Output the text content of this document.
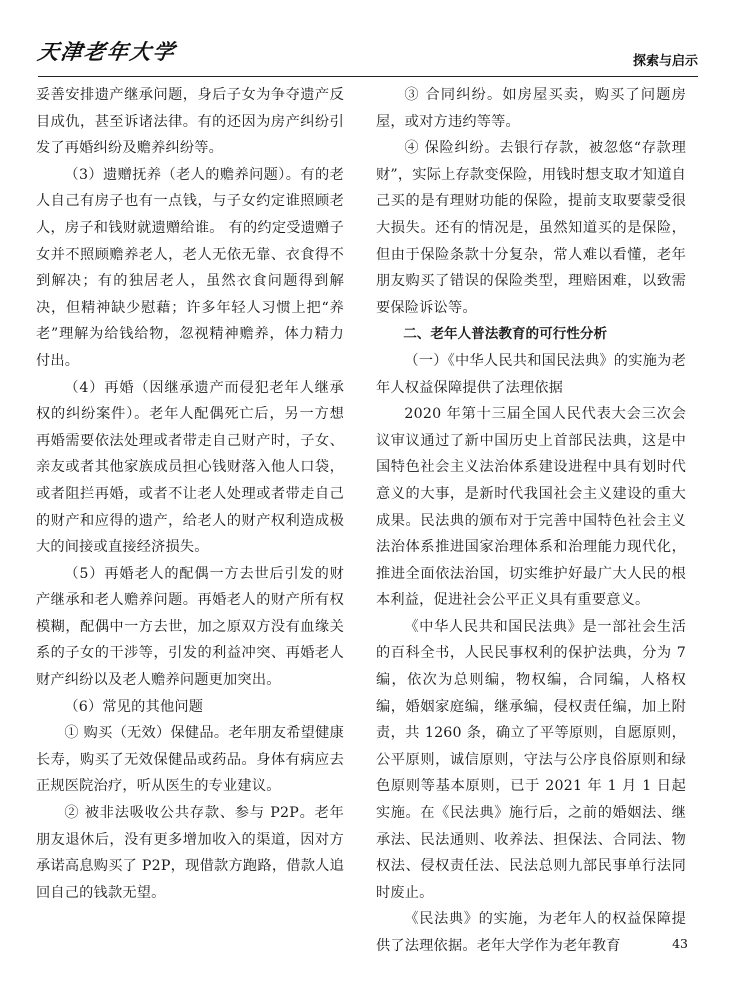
天津老年大学	探索与启示

妥善安排遗产继承问题，身后子女为争夺遗产反目成仇，甚至诉诸法律。有的还因为房产纠纷引发了再婚纠纷及赡养纠纷等。

（3）遗赠抚养（老人的赡养问题）。有的老人自己有房子也有一点钱，与子女约定谁照顾老人，房子和钱财就遗赠给谁。 有的约定受遗赠子女并不照顾赡养老人，老人无依无靠、衣食得不到解决；有的独居老人，虽然衣食问题得到解决，但精神缺少慰藉；许多年轻人习惯上把“养老”理解为给钱给物，忽视精神赡养，体力精力付出。

（4）再婚（因继承遗产而侵犯老年人继承权的纠纷案件）。老年人配偶死亡后，另一方想再婚需要依法处理或者带走自己财产时，子女、亲友或者其他家族成员担心钱财落入他人口袋，或者阻拦再婚，或者不让老人处理或者带走自己的财产和应得的遗产，给老人的财产权利造成极大的间接或直接经济损失。

（5）再婚老人的配偶一方去世后引发的财产继承和老人赡养问题。再婚老人的财产所有权模糊，配偶中一方去世，加之原双方没有血缘关系的子女的干涉等，引发的利益冲突、再婚老人财产纠纷以及老人赡养问题更加突出。

（6）常见的其他问题

① 购买（无效）保健品。老年朋友希望健康长寿，购买了无效保健品或药品。身体有病应去正规医院治疗，听从医生的专业建议。

② 被非法吸收公共存款、参与 P2P。老年朋友退休后，没有更多增加收入的渠道，因对方承诺高息购买了 P2P，现借款方跑路，借款人追回自己的钱款无望。

③ 合同纠纷。如房屋买卖，购买了问题房屋，或对方违约等等。

④ 保险纠纷。去银行存款，被忽悠“存款理财”，实际上存款变保险，用钱时想支取才知道自己买的是有理财功能的保险，提前支取要蒙受很大损失。还有的情况是，虽然知道买的是保险，但由于保险条款十分复杂，常人难以看懂，老年朋友购买了错误的保险类型，理赔困难，以致需要保险诉讼等。

二、老年人普法教育的可行性分析

（一）《中华人民共和国民法典》的实施为老年人权益保障提供了法理依据

2020 年第十三届全国人民代表大会三次会议审议通过了新中国历史上首部民法典，这是中国特色社会主义法治体系建设进程中具有划时代意义的大事，是新时代我国社会主义建设的重大成果。民法典的颁布对于完善中国特色社会主义法治体系推进国家治理体系和治理能力现代化，推进全面依法治国，切实维护好最广大人民的根本利益，促进社会公平正义具有重要意义。

《中华人民共和国民法典》是一部社会生活的百科全书，人民民事权利的保护法典，分为 7 编，依次为总则编，物权编，合同编，人格权编，婚姻家庭编，继承编，侵权责任编，加上附责，共 1260 条，确立了平等原则，自愿原则，公平原则，诚信原则，守法与公序良俗原则和绿色原则等基本原则，已于 2021 年 1 月 1 日起实施。在《民法典》施行后，之前的婚姻法、继承法、民法通则、收养法、担保法、合同法、物权法、侵权责任法、民法总则九部民事单行法同时废止。

《民法典》的实施，为老年人的权益保障提供了法理依据。老年大学作为老年教育	43
